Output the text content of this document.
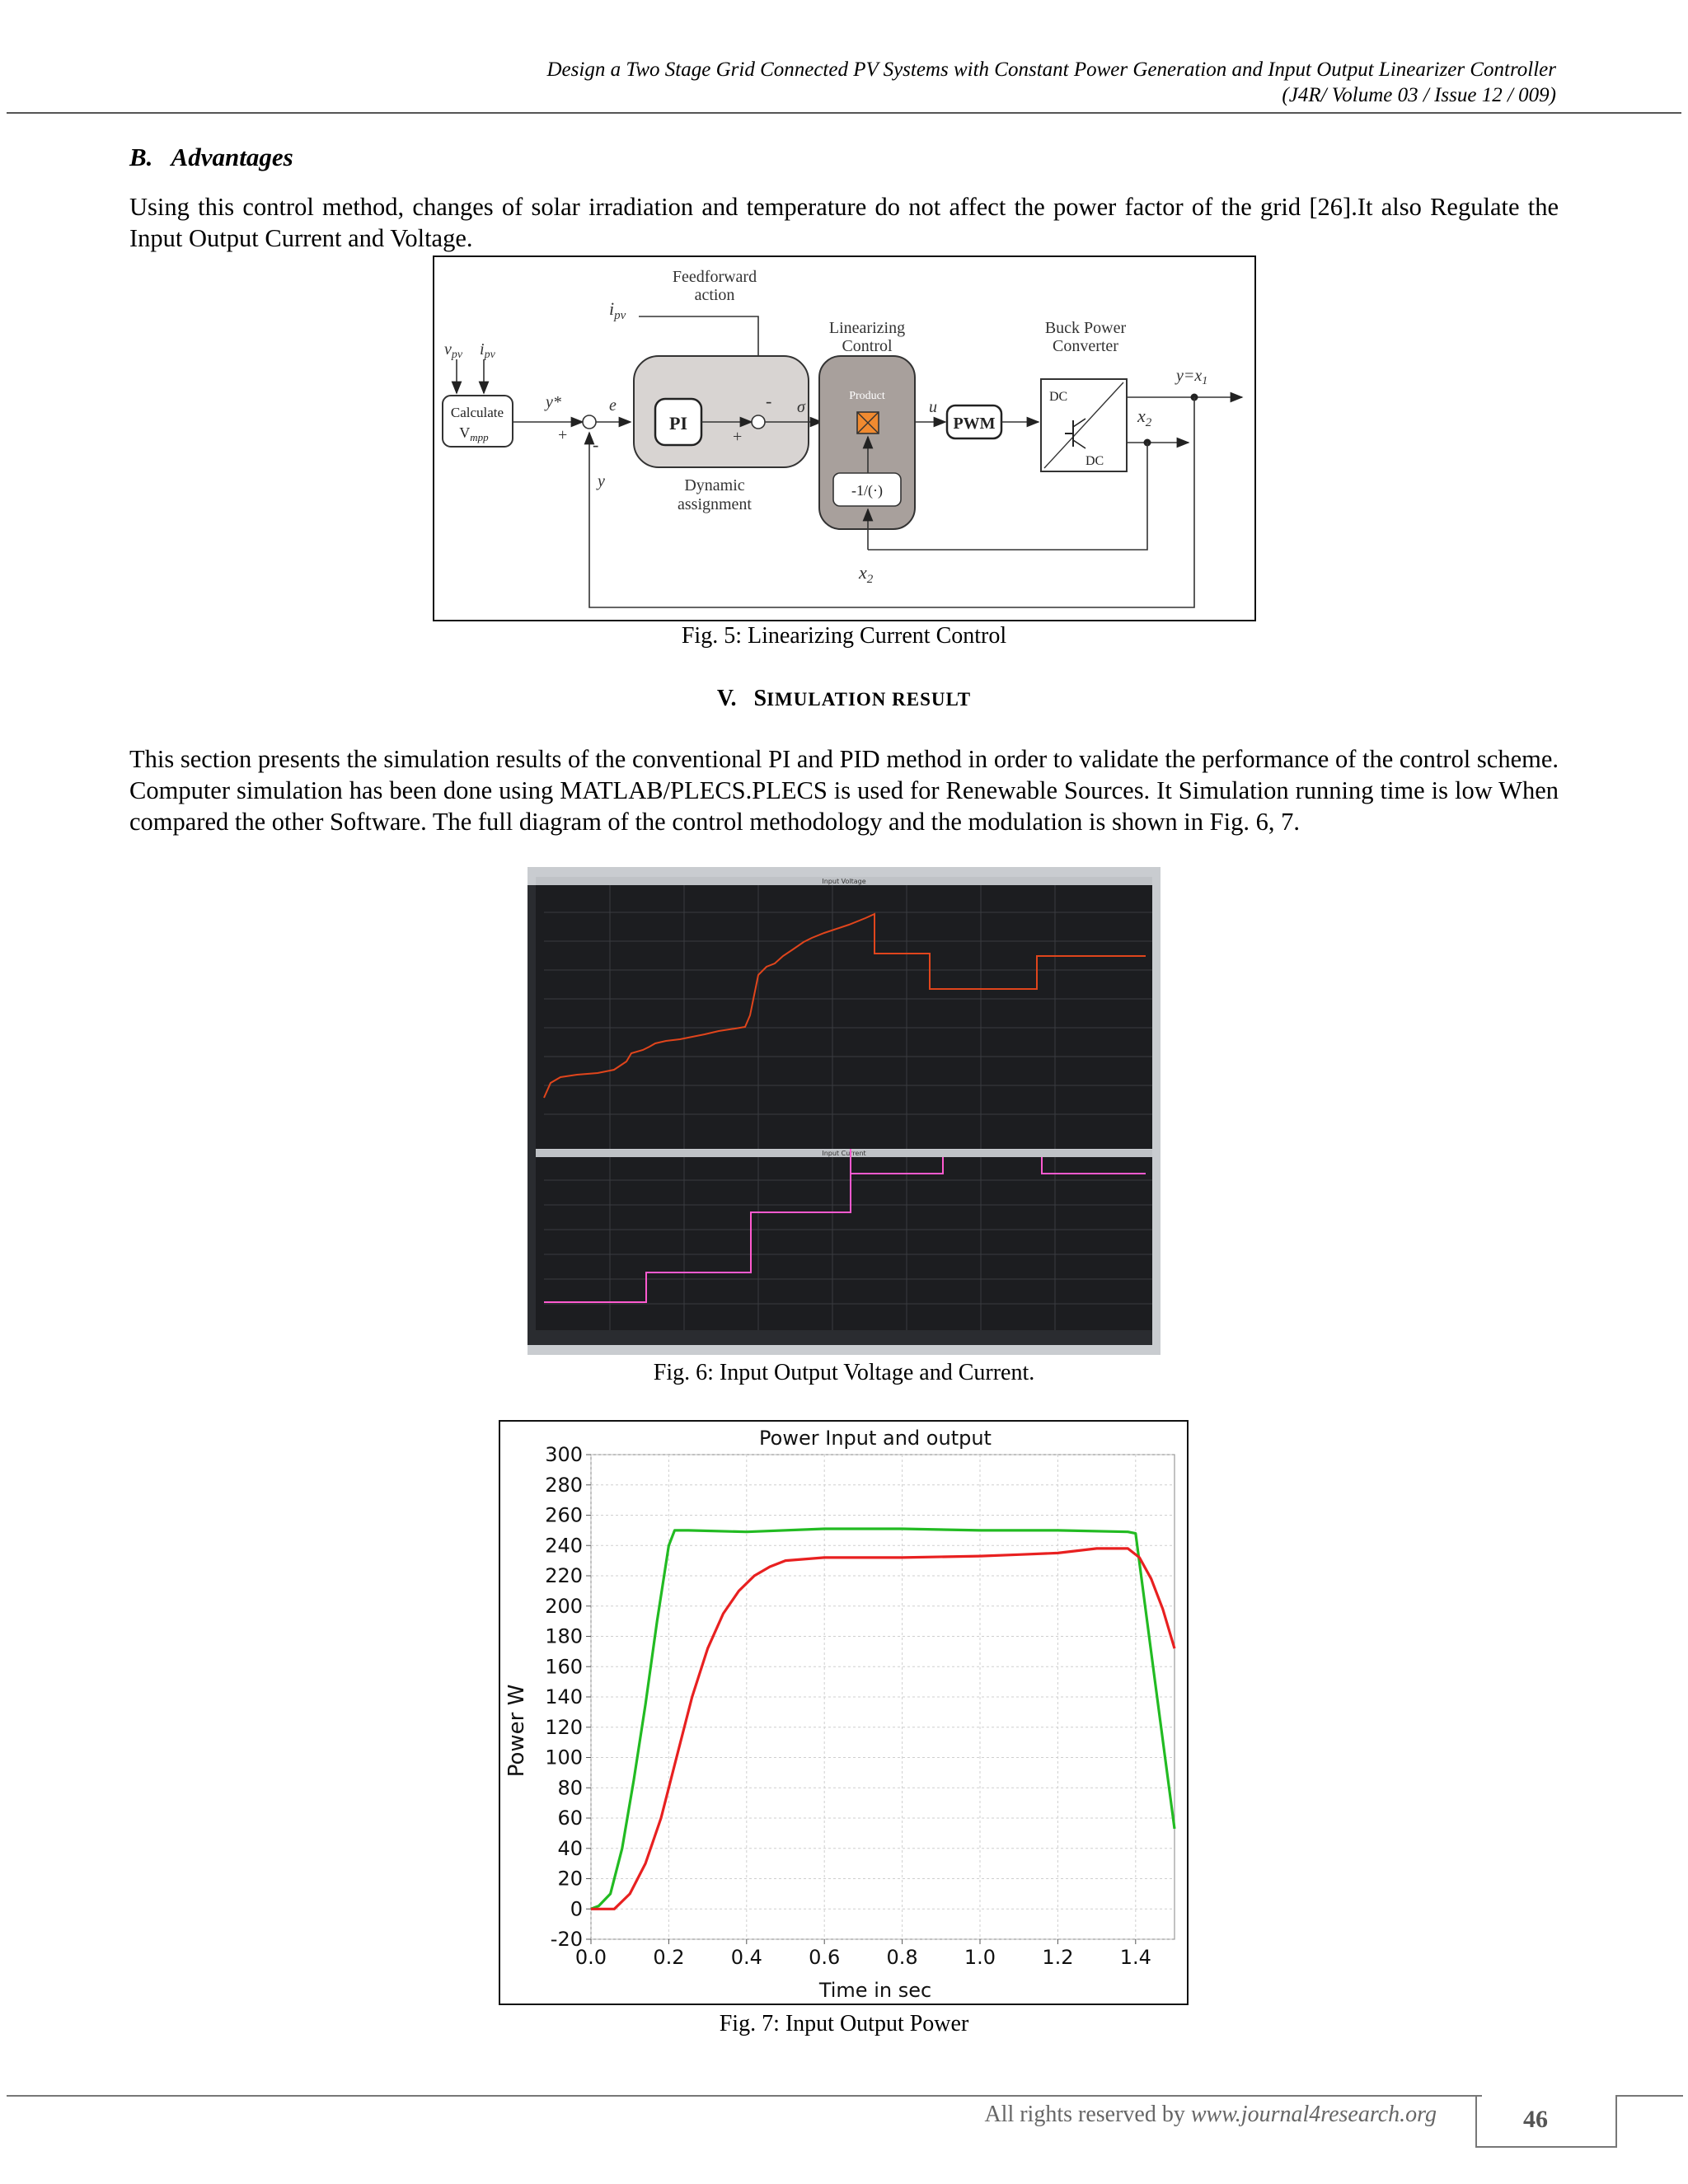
Design a Two Stage Grid Connected PV Systems with Constant Power Generation and Input Output Linearizer Controller
(J4R/ Volume 03 / Issue 12 / 009)
B.   Advantages
Using this control method, changes of solar irradiation and temperature do not affect the power factor of the grid [26].It also Regulate the Input Output Current and Voltage.
Feedforward
action
$i_{pv}$
$v_{pv}$ $i_{pv}$
Calculate
$V_{mpp}$
y*
+ -
y
e
PI
-
+
Dynamic
assignment
σ
Linearizing
Control
Product
-1/(·)
$x_2$
u
PWM
Buck Power
Converter
DC
DC
$y=x_1$
$x_2$
Fig. 5: Linearizing Current Control
V. SIMULATION RESULT
This section presents the simulation results of the conventional PI and PID method in order to validate the performance of the control scheme. Computer simulation has been done using MATLAB/PLECS.PLECS is used for Renewable Sources. It Simulation running time is low When compared the other Software. The full diagram of the control methodology and the modulation is shown in Fig. 6, 7.
Input Voltage
Input Current
Fig. 6: Input Output Voltage and Current.
-20
0
20
40
60
80
100
120
140
160
180
200
220
240
260
280
300
0.0 0.2 0.4 0.6 0.8 1.0 1.2 1.4
Power Input and output
Time in sec
Power W
Fig. 7: Input Output Power
All rights reserved by www.journal4research.org	46
